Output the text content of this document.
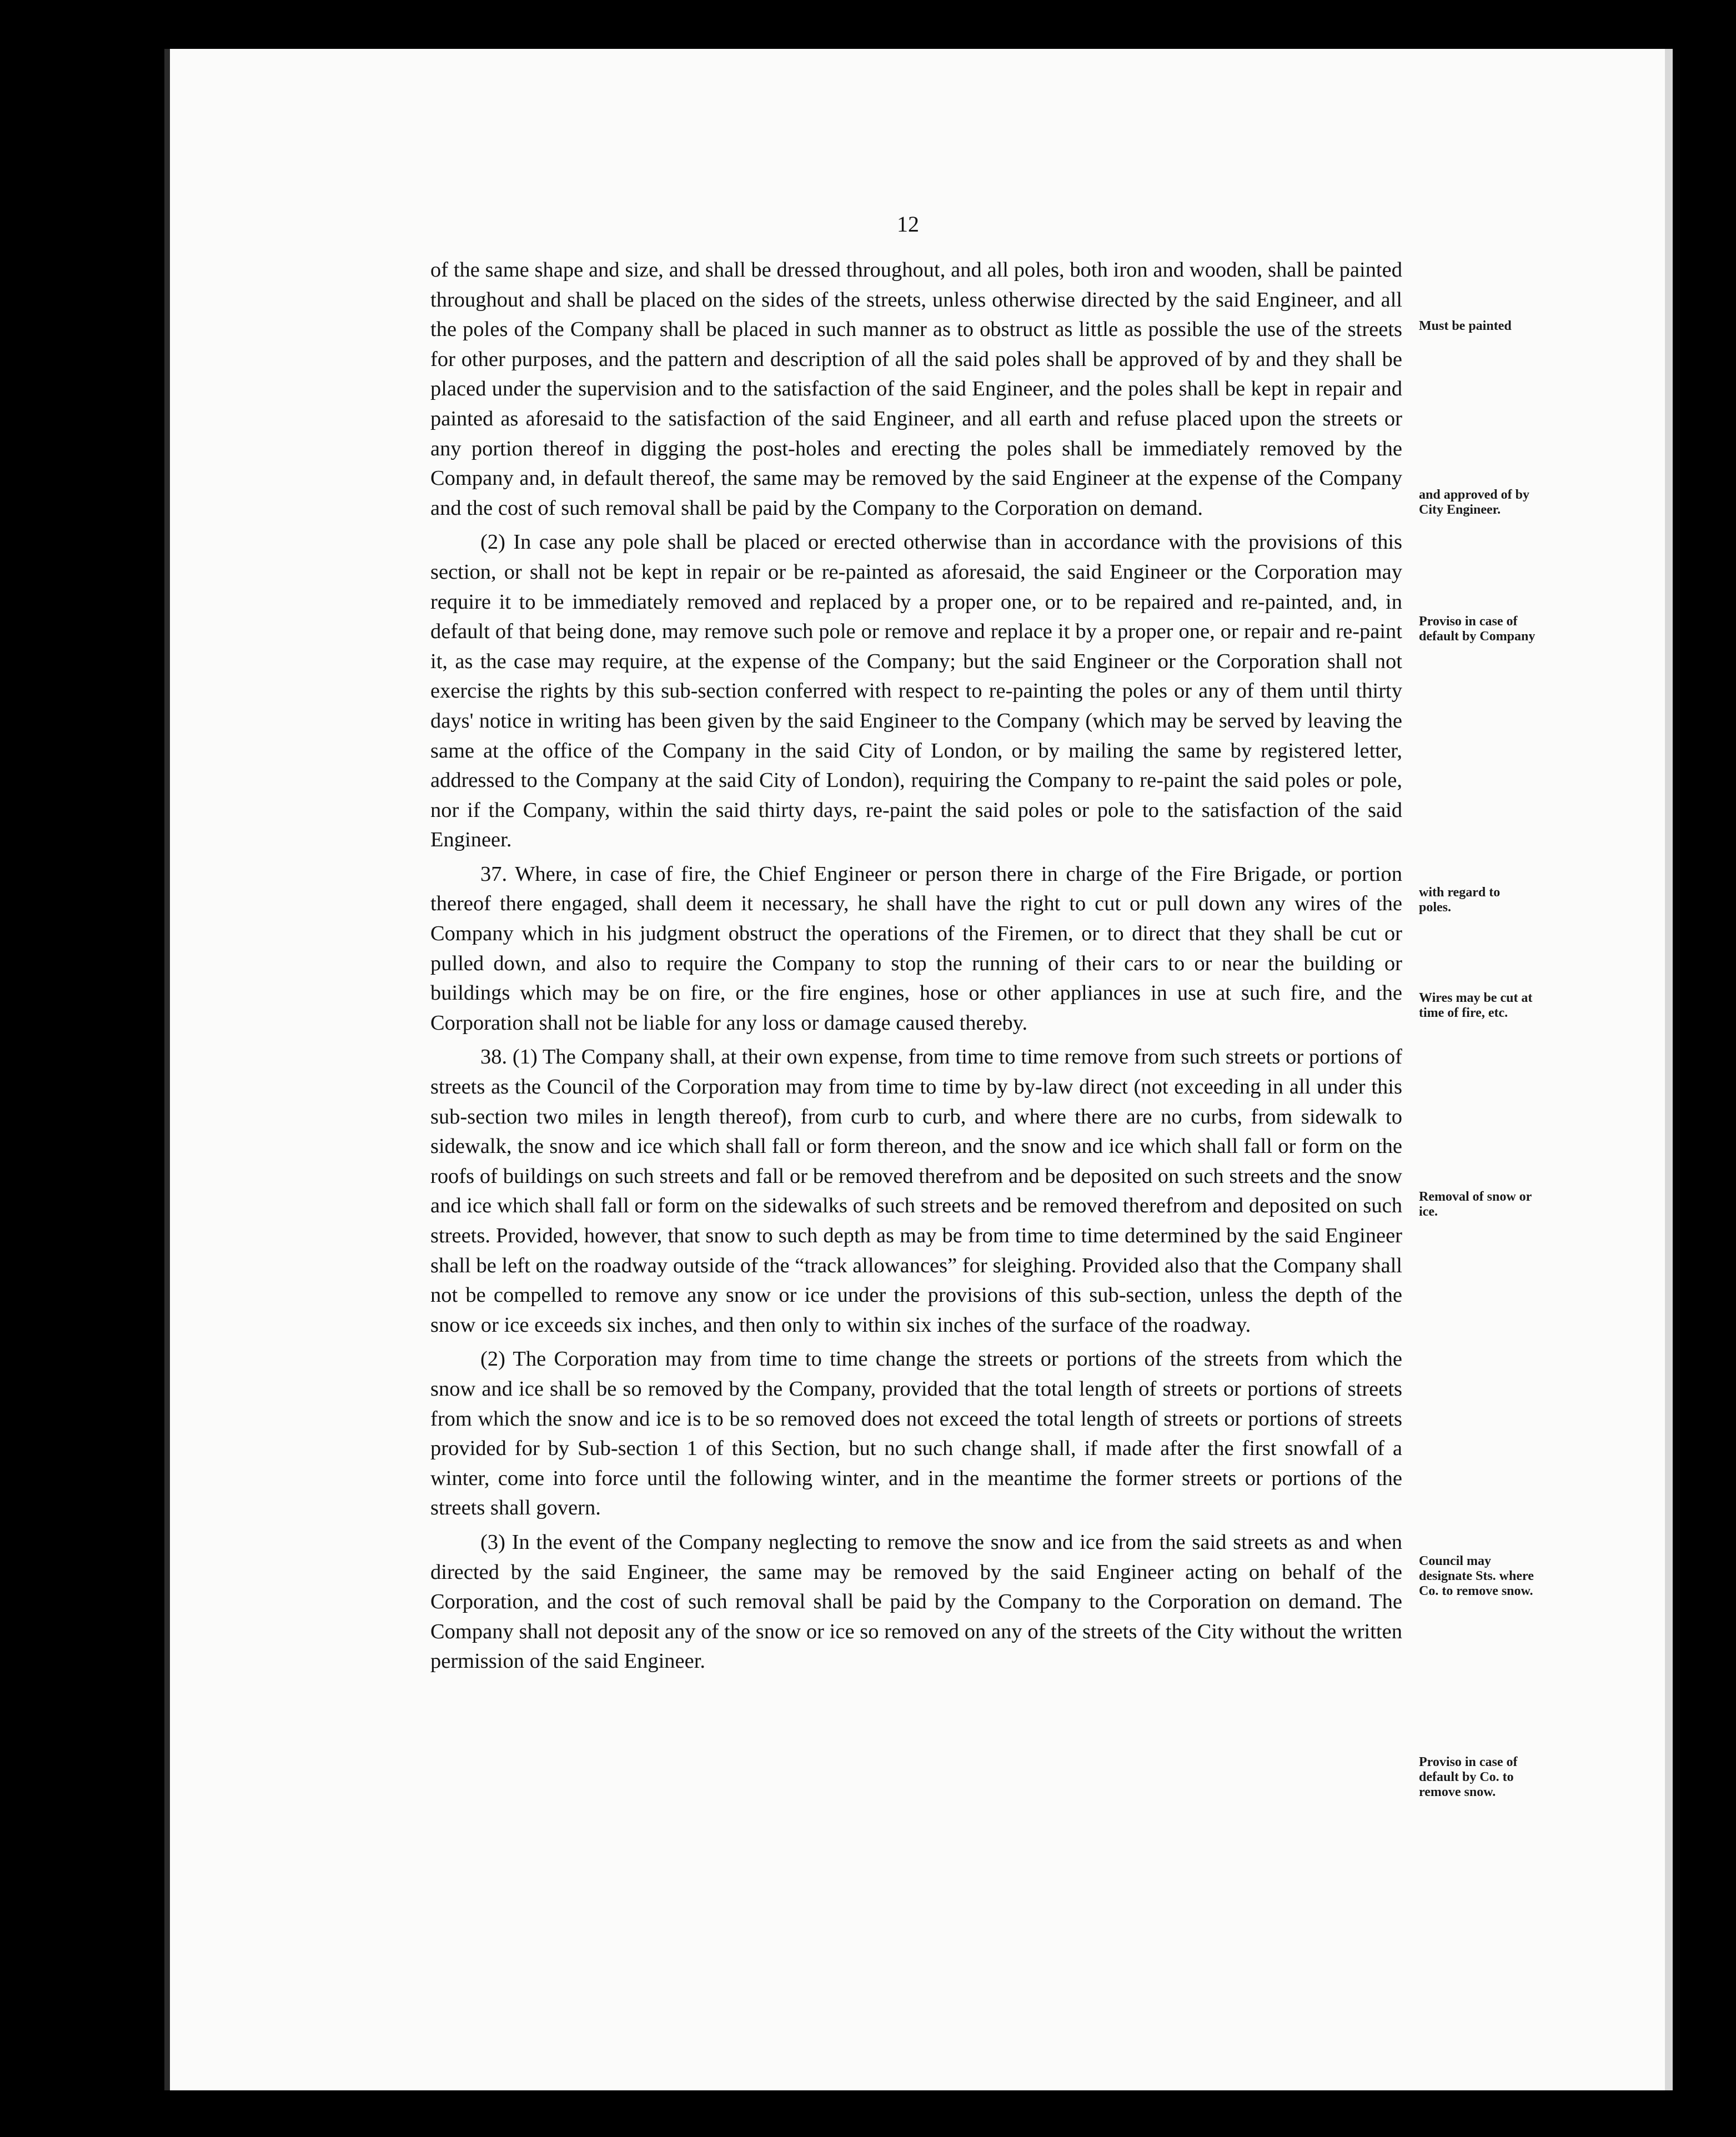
12

of the same shape and size, and shall be dressed throughout, and all poles, both iron and wooden, shall be painted throughout and shall be placed on the sides of the streets, unless otherwise directed by the said Engineer, and all the poles of the Company shall be placed in such manner as to obstruct as little as possible the use of the streets for other purposes, and the pattern and description of all the said poles shall be approved of by and they shall be placed under the supervision and to the satisfaction of the said Engineer, and the poles shall be kept in repair and painted as aforesaid to the satisfaction of the said Engineer, and all earth and refuse placed upon the streets or any portion thereof in digging the post-holes and erecting the poles shall be immediately removed by the Company and, in default thereof, the same may be removed by the said Engineer at the expense of the Company and the cost of such removal shall be paid by the Company to the Corporation on demand.

(2) In case any pole shall be placed or erected otherwise than in accordance with the provisions of this section, or shall not be kept in repair or be re-painted as aforesaid, the said Engineer or the Corporation may require it to be immediately removed and replaced by a proper one, or to be repaired and re-painted, and, in default of that being done, may remove such pole or remove and replace it by a proper one, or repair and re-paint it, as the case may require, at the expense of the Company; but the said Engineer or the Corporation shall not exercise the rights by this sub-section conferred with respect to re-painting the poles or any of them until thirty days' notice in writing has been given by the said Engineer to the Company (which may be served by leaving the same at the office of the Company in the said City of London, or by mailing the same by registered letter, addressed to the Company at the said City of London), requiring the Company to re-paint the said poles or pole, nor if the Company, within the said thirty days, re-paint the said poles or pole to the satisfaction of the said Engineer.

37. Where, in case of fire, the Chief Engineer or person there in charge of the Fire Brigade, or portion thereof there engaged, shall deem it necessary, he shall have the right to cut or pull down any wires of the Company which in his judgment obstruct the operations of the Firemen, or to direct that they shall be cut or pulled down, and also to require the Company to stop the running of their cars to or near the building or buildings which may be on fire, or the fire engines, hose or other appliances in use at such fire, and the Corporation shall not be liable for any loss or damage caused thereby.

38. (1) The Company shall, at their own expense, from time to time remove from such streets or portions of streets as the Council of the Corporation may from time to time by by-law direct (not exceeding in all under this sub-section two miles in length thereof), from curb to curb, and where there are no curbs, from sidewalk to sidewalk, the snow and ice which shall fall or form thereon, and the snow and ice which shall fall or form on the roofs of buildings on such streets and fall or be removed therefrom and be deposited on such streets and the snow and ice which shall fall or form on the sidewalks of such streets and be removed therefrom and deposited on such streets. Provided, however, that snow to such depth as may be from time to time determined by the said Engineer shall be left on the roadway outside of the “track allowances” for sleighing. Provided also that the Company shall not be compelled to remove any snow or ice under the provisions of this sub-section, unless the depth of the snow or ice exceeds six inches, and then only to within six inches of the surface of the roadway.

(2) The Corporation may from time to time change the streets or portions of the streets from which the snow and ice shall be so removed by the Company, provided that the total length of streets or portions of streets from which the snow and ice is to be so removed does not exceed the total length of streets or portions of streets provided for by Sub-section 1 of this Section, but no such change shall, if made after the first snowfall of a winter, come into force until the following winter, and in the meantime the former streets or portions of the streets shall govern.

(3) In the event of the Company neglecting to remove the snow and ice from the said streets as and when directed by the said Engineer, the same may be removed by the said Engineer acting on behalf of the Corporation, and the cost of such removal shall be paid by the Company to the Corporation on demand. The Company shall not deposit any of the snow or ice so removed on any of the streets of the City without the written permission of the said Engineer.

Must be painted
and approved of by City Engineer.
Proviso in case of default by Company
with regard to poles.
Wires may be cut at time of fire, etc.
Removal of snow or ice.
Council may designate Sts. where Co. to remove snow.
Proviso in case of default by Co. to remove snow.
